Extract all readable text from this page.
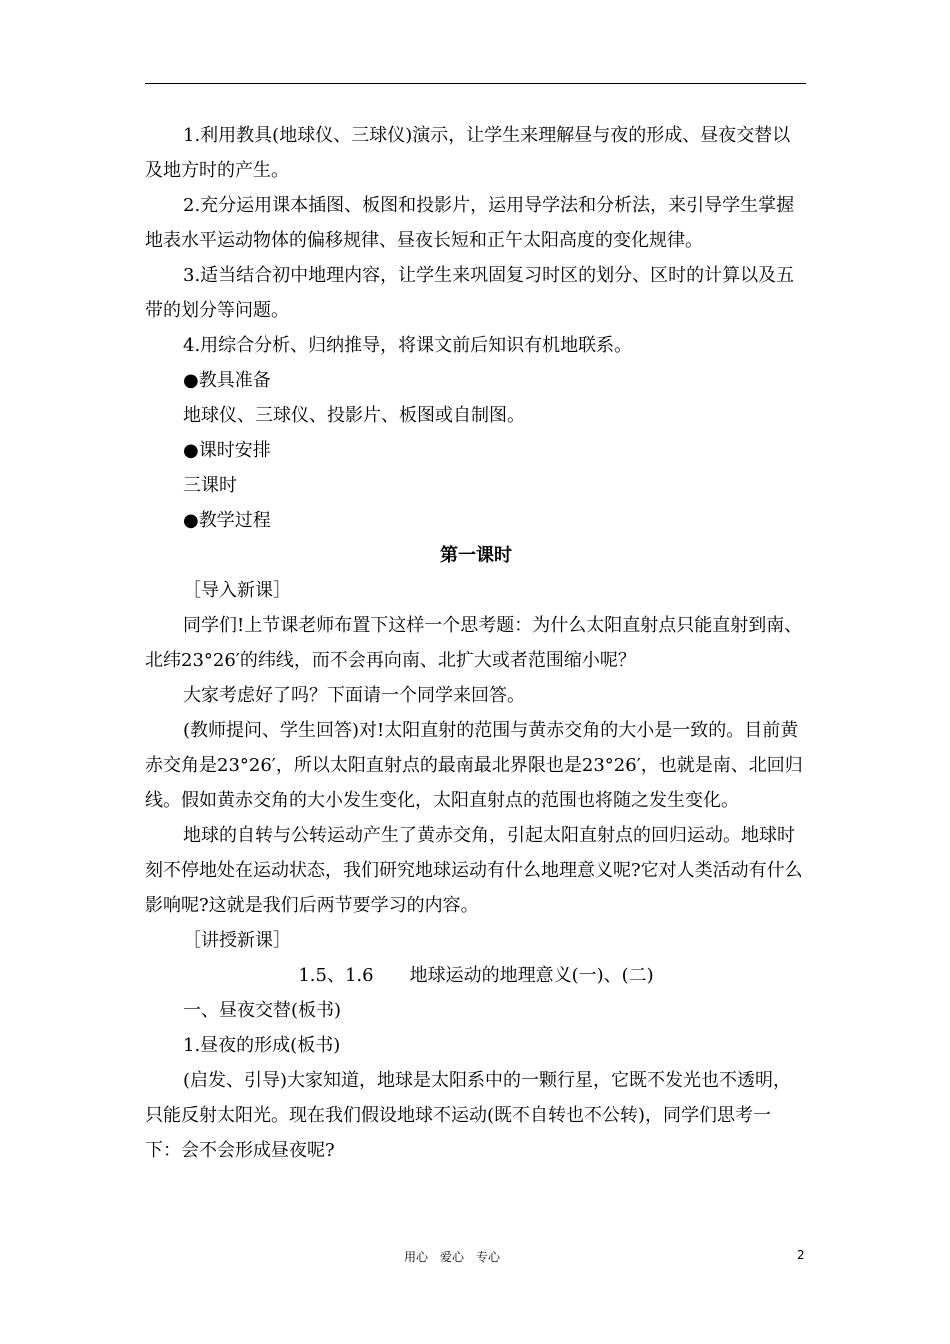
1.利用教具(地球仪、三球仪)演示，让学生来理解昼与夜的形成、昼夜交替以及地方时的产生。

2.充分运用课本插图、板图和投影片，运用导学法和分析法，来引导学生掌握地表水平运动物体的偏移规律、昼夜长短和正午太阳高度的变化规律。

3.适当结合初中地理内容，让学生来巩固复习时区的划分、区时的计算以及五带的划分等问题。

4.用综合分析、归纳推导，将课文前后知识有机地联系。

●教具准备

地球仪、三球仪、投影片、板图或自制图。

●课时安排

三课时

●教学过程

第一课时

［导入新课］

同学们!上节课老师布置下这样一个思考题：为什么太阳直射点只能直射到南、北纬23°26′的纬线，而不会再向南、北扩大或者范围缩小呢？

大家考虑好了吗？下面请一个同学来回答。

(教师提问、学生回答)对!太阳直射的范围与黄赤交角的大小是一致的。目前黄赤交角是23°26′，所以太阳直射点的最南最北界限也是23°26′，也就是南、北回归线。假如黄赤交角的大小发生变化，太阳直射点的范围也将随之发生变化。

地球的自转与公转运动产生了黄赤交角，引起太阳直射点的回归运动。地球时刻不停地处在运动状态，我们研究地球运动有什么地理意义呢?它对人类活动有什么影响呢?这就是我们后两节要学习的内容。

［讲授新课］

1.5、1.6　　地球运动的地理意义(一)、(二)

一、昼夜交替(板书)

1.昼夜的形成(板书)

(启发、引导)大家知道，地球是太阳系中的一颗行星，它既不发光也不透明，只能反射太阳光。现在我们假设地球不运动(既不自转也不公转)，同学们思考一下：会不会形成昼夜呢?

用心　爱心　专心	2
